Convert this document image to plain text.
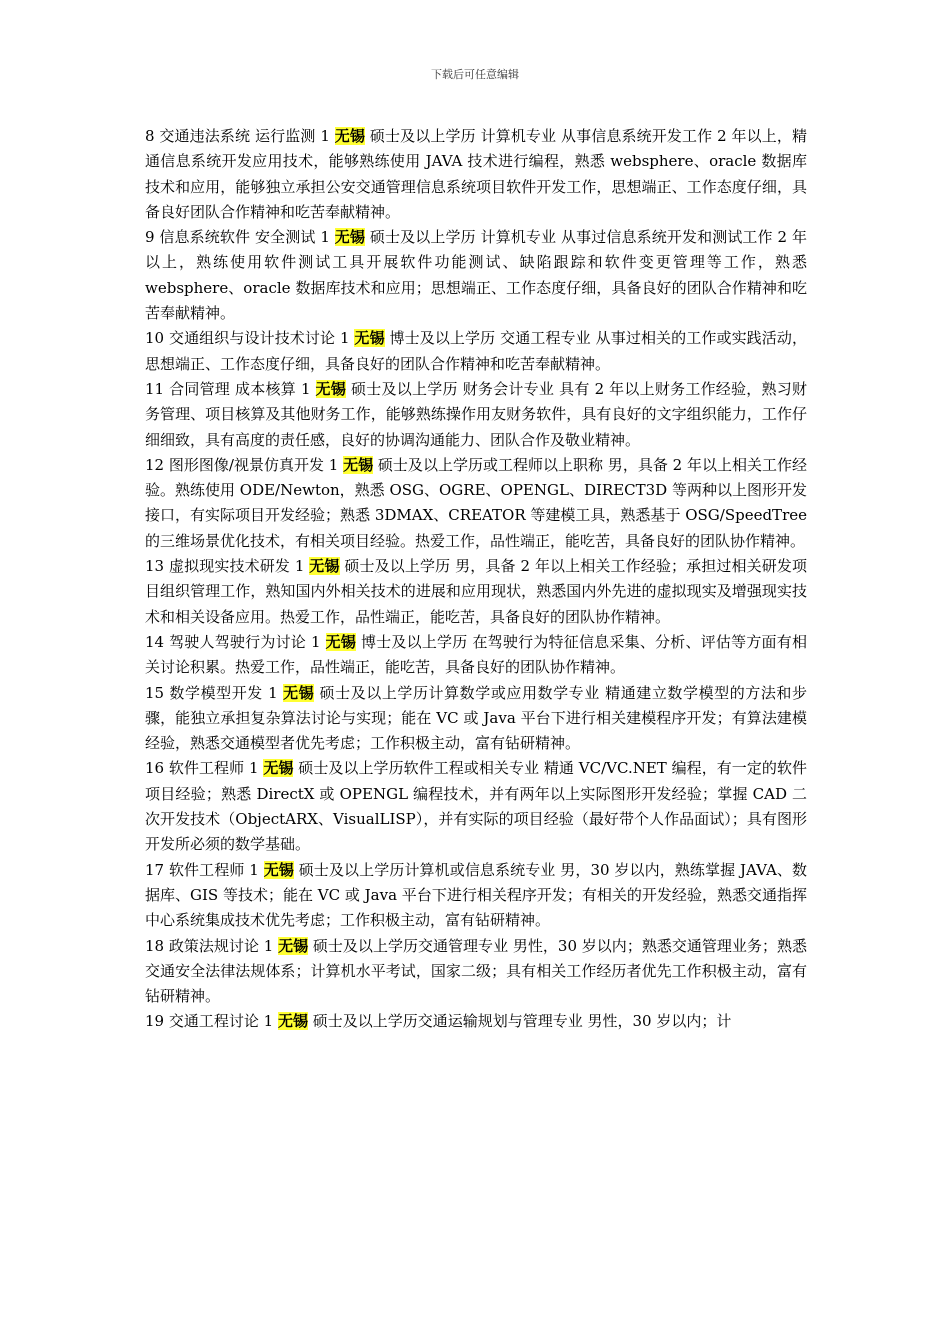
下载后可任意编辑

8 交通违法系统 运行监测 1 无锡 硕士及以上学历 计算机专业 从事信息系统开发工作 2 年以上，精通信息系统开发应用技术，能够熟练使用 JAVA 技术进行编程，熟悉 websphere、oracle 数据库技术和应用，能够独立承担公安交通管理信息系统项目软件开发工作，思想端正、工作态度仔细，具备良好团队合作精神和吃苦奉献精神。

9 信息系统软件 安全测试 1 无锡 硕士及以上学历 计算机专业 从事过信息系统开发和测试工作 2 年以上，熟练使用软件测试工具开展软件功能测试、缺陷跟踪和软件变更管理等工作，熟悉 websphere、oracle 数据库技术和应用；思想端正、工作态度仔细，具备良好的团队合作精神和吃苦奉献精神。

10 交通组织与设计技术讨论 1 无锡 博士及以上学历 交通工程专业 从事过相关的工作或实践活动，思想端正、工作态度仔细，具备良好的团队合作精神和吃苦奉献精神。

11 合同管理 成本核算 1 无锡 硕士及以上学历 财务会计专业 具有 2 年以上财务工作经验，熟习财务管理、项目核算及其他财务工作，能够熟练操作用友财务软件，具有良好的文字组织能力，工作仔细细致，具有高度的责任感，良好的协调沟通能力、团队合作及敬业精神。

12 图形图像/视景仿真开发 1 无锡 硕士及以上学历或工程师以上职称 男，具备 2 年以上相关工作经验。熟练使用 ODE/Newton，熟悉 OSG、OGRE、OPENGL、DIRECT3D 等两种以上图形开发接口，有实际项目开发经验；熟悉 3DMAX、CREATOR 等建模工具，熟悉基于 OSG/SpeedTree 的三维场景优化技术，有相关项目经验。热爱工作，品性端正，能吃苦，具备良好的团队协作精神。

13 虚拟现实技术研发 1 无锡 硕士及以上学历 男，具备 2 年以上相关工作经验；承担过相关研发项目组织管理工作，熟知国内外相关技术的进展和应用现状，熟悉国内外先进的虚拟现实及增强现实技术和相关设备应用。热爱工作，品性端正，能吃苦，具备良好的团队协作精神。

14 驾驶人驾驶行为讨论 1 无锡 博士及以上学历 在驾驶行为特征信息采集、分析、评估等方面有相关讨论积累。热爱工作，品性端正，能吃苦，具备良好的团队协作精神。

15 数学模型开发 1 无锡 硕士及以上学历计算数学或应用数学专业 精通建立数学模型的方法和步骤，能独立承担复杂算法讨论与实现；能在 VC 或 Java 平台下进行相关建模程序开发；有算法建模经验，熟悉交通模型者优先考虑；工作积极主动，富有钻研精神。

16 软件工程师 1 无锡 硕士及以上学历软件工程或相关专业 精通 VC/VC.NET 编程，有一定的软件项目经验；熟悉 DirectX 或 OPENGL 编程技术，并有两年以上实际图形开发经验；掌握 CAD 二次开发技术（ObjectARX、VisualLISP），并有实际的项目经验（最好带个人作品面试）；具有图形开发所必须的数学基础。

17 软件工程师 1 无锡 硕士及以上学历计算机或信息系统专业 男，30 岁以内，熟练掌握 JAVA、数据库、GIS 等技术；能在 VC 或 Java 平台下进行相关程序开发；有相关的开发经验，熟悉交通指挥中心系统集成技术优先考虑；工作积极主动，富有钻研精神。

18 政策法规讨论 1 无锡 硕士及以上学历交通管理专业 男性，30 岁以内；熟悉交通管理业务；熟悉交通安全法律法规体系；计算机水平考试，国家二级；具有相关工作经历者优先工作积极主动，富有钻研精神。

19 交通工程讨论 1 无锡 硕士及以上学历交通运输规划与管理专业 男性，30 岁以内；计
